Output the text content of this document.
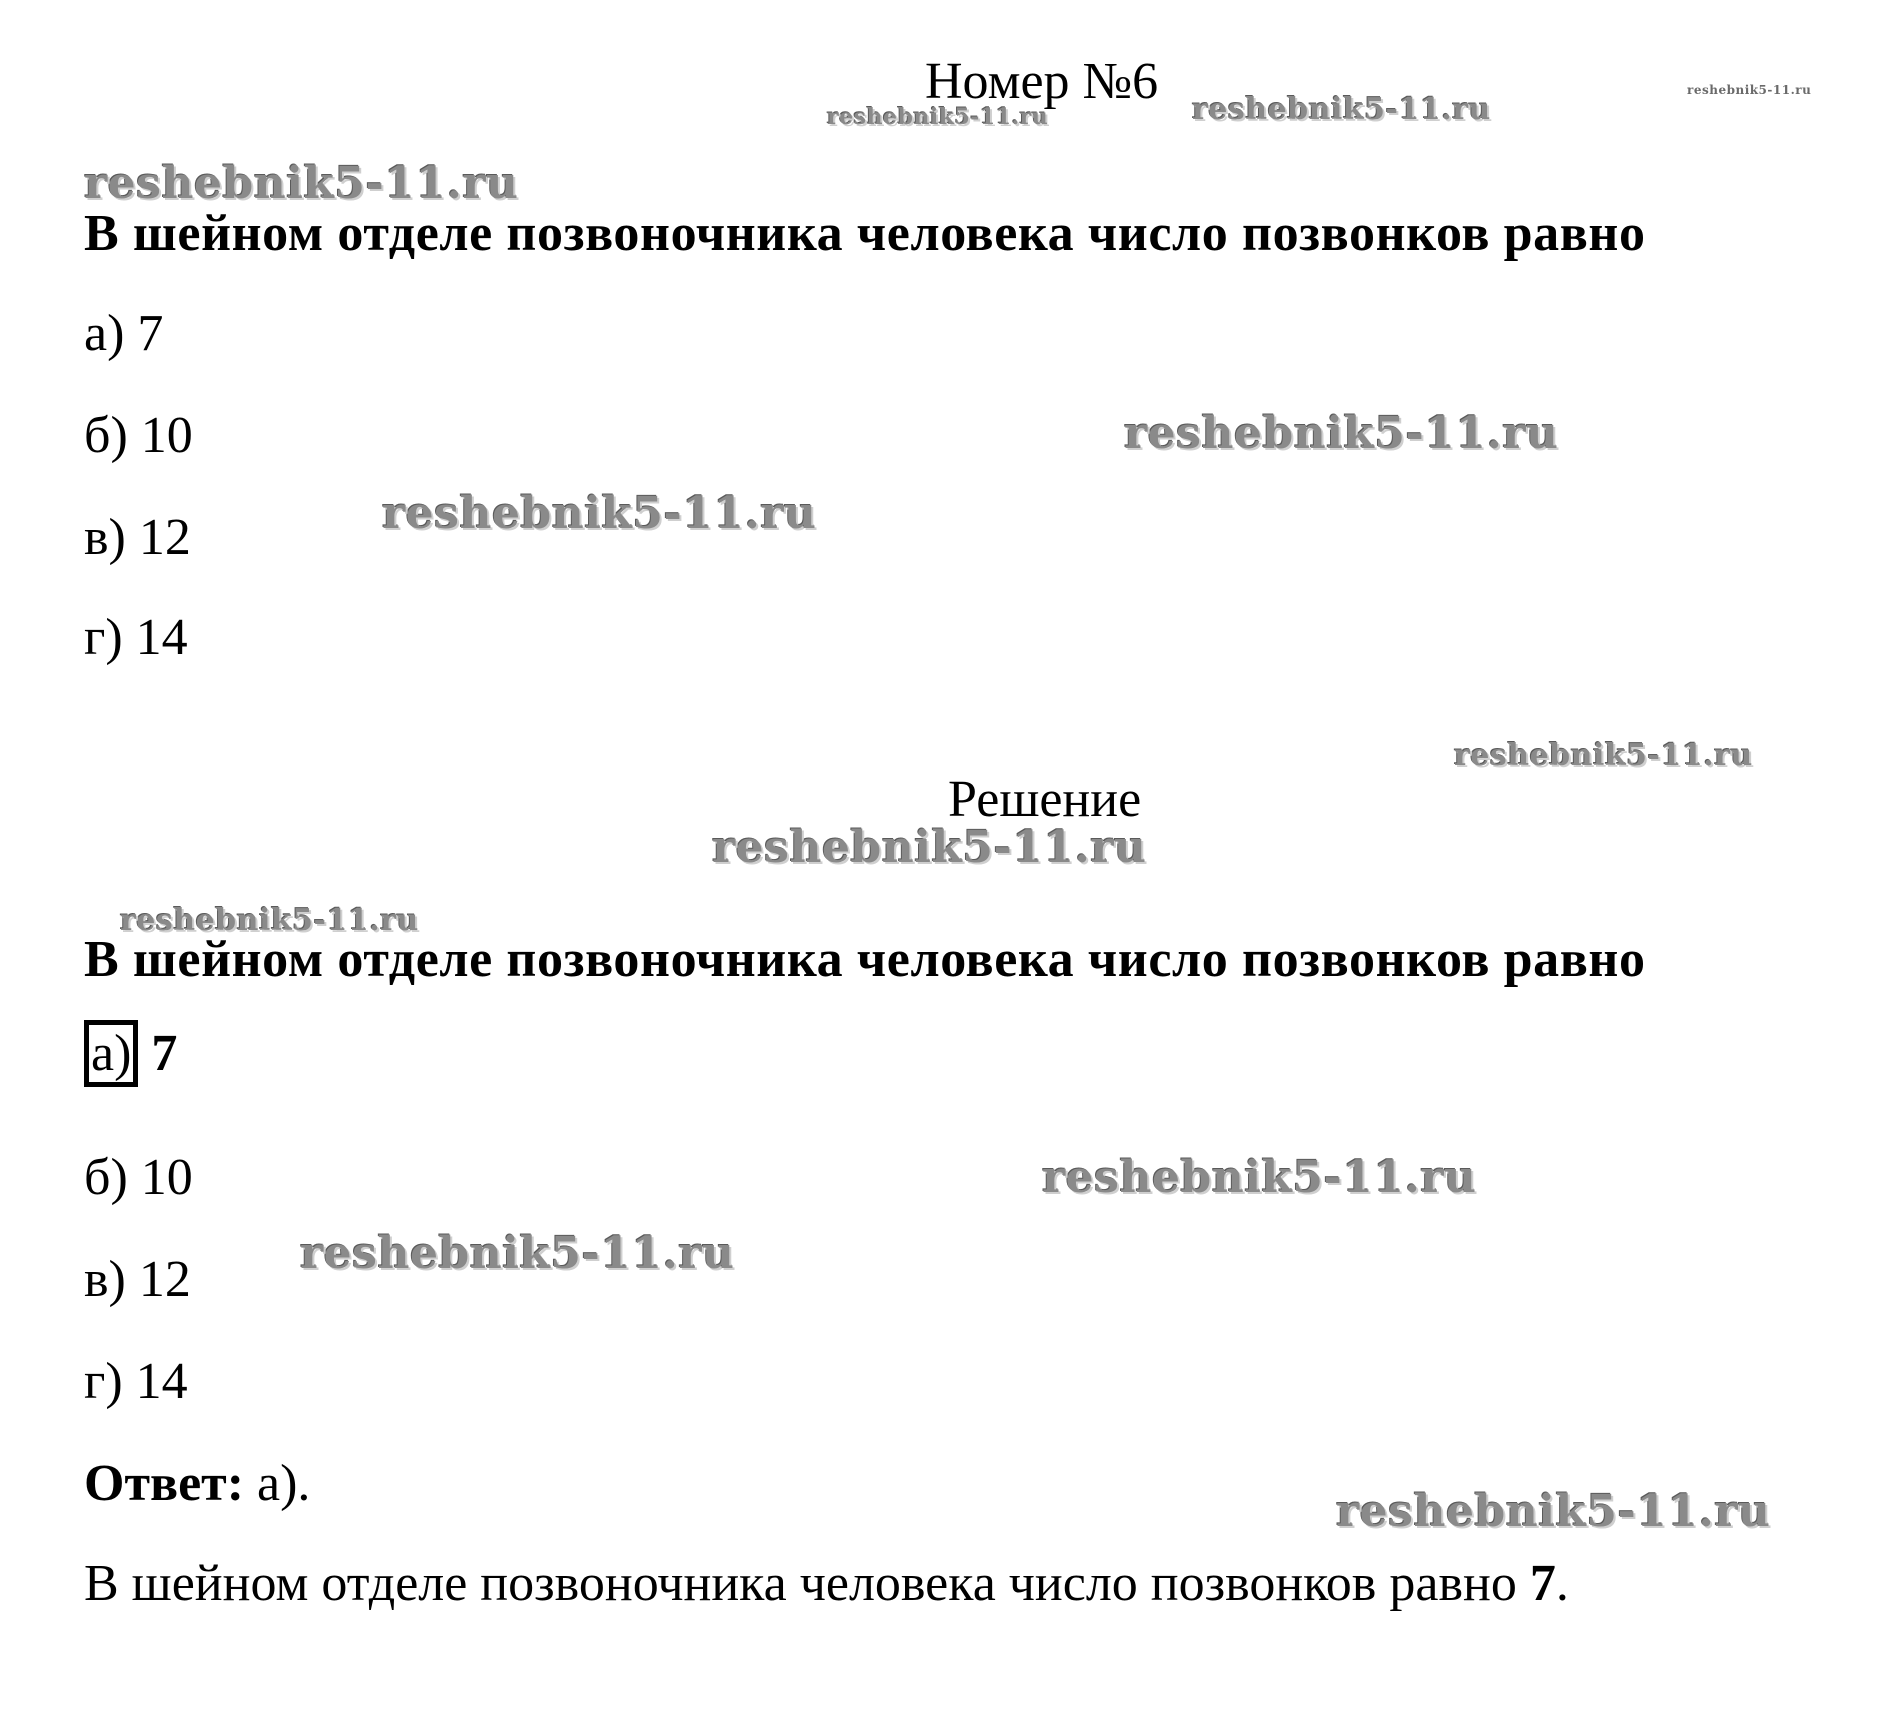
Номер №6
reshebnik5-11.ru	reshebnik5-11.ru
reshebnik5-11.ru
reshebnik5-11.ru
В шейном отделе позвоночника человека число позвонков равно
а) 7
б) 10
в) 12
г) 14
reshebnik5-11.ru
reshebnik5-11.ru
reshebnik5-11.ru
Решение
reshebnik5-11.ru
reshebnik5-11.ru
В шейном отделе позвоночника человека число позвонков равно
а) 7
б) 10
в) 12
г) 14
reshebnik5-11.ru
reshebnik5-11.ru
Ответ: а).	reshebnik5-11.ru
В шейном отделе позвоночника человека число позвонков равно 7.
